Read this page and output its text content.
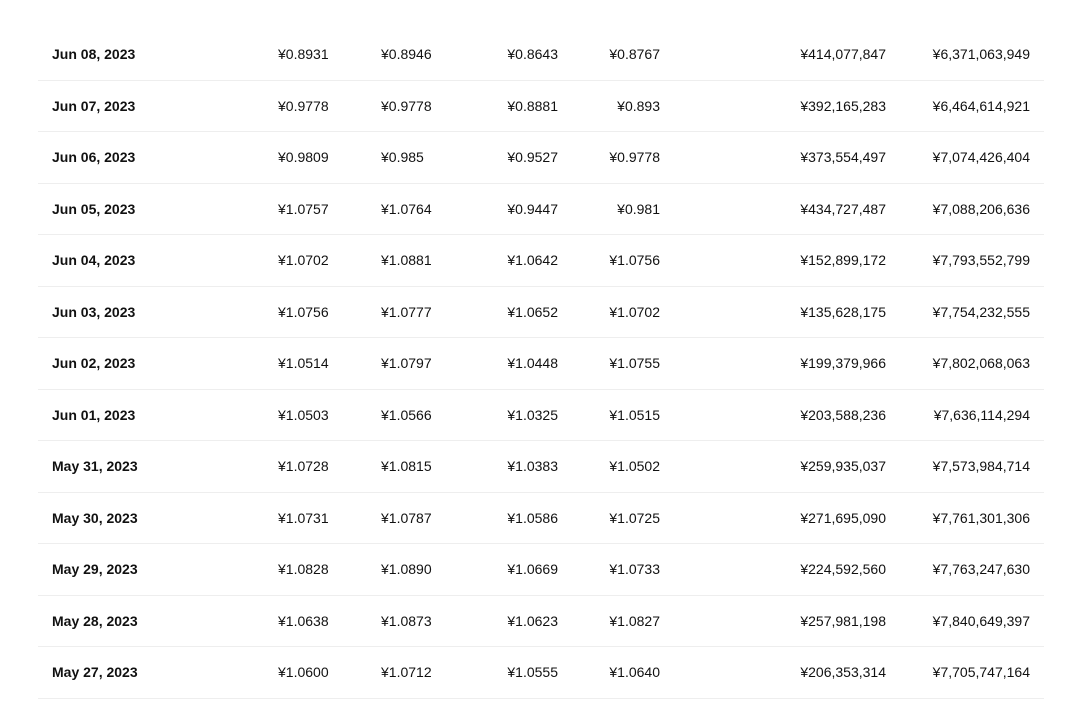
Jun 08, 2023	¥0.8931	¥0.8946	¥0.8643	¥0.8767	¥414,077,847	¥6,371,063,949
Jun 07, 2023	¥0.9778	¥0.9778	¥0.8881	¥0.893	¥392,165,283	¥6,464,614,921
Jun 06, 2023	¥0.9809	¥0.985	¥0.9527	¥0.9778	¥373,554,497	¥7,074,426,404
Jun 05, 2023	¥1.0757	¥1.0764	¥0.9447	¥0.981	¥434,727,487	¥7,088,206,636
Jun 04, 2023	¥1.0702	¥1.0881	¥1.0642	¥1.0756	¥152,899,172	¥7,793,552,799
Jun 03, 2023	¥1.0756	¥1.0777	¥1.0652	¥1.0702	¥135,628,175	¥7,754,232,555
Jun 02, 2023	¥1.0514	¥1.0797	¥1.0448	¥1.0755	¥199,379,966	¥7,802,068,063
Jun 01, 2023	¥1.0503	¥1.0566	¥1.0325	¥1.0515	¥203,588,236	¥7,636,114,294
May 31, 2023	¥1.0728	¥1.0815	¥1.0383	¥1.0502	¥259,935,037	¥7,573,984,714
May 30, 2023	¥1.0731	¥1.0787	¥1.0586	¥1.0725	¥271,695,090	¥7,761,301,306
May 29, 2023	¥1.0828	¥1.0890	¥1.0669	¥1.0733	¥224,592,560	¥7,763,247,630
May 28, 2023	¥1.0638	¥1.0873	¥1.0623	¥1.0827	¥257,981,198	¥7,840,649,397
May 27, 2023	¥1.0600	¥1.0712	¥1.0555	¥1.0640	¥206,353,314	¥7,705,747,164
